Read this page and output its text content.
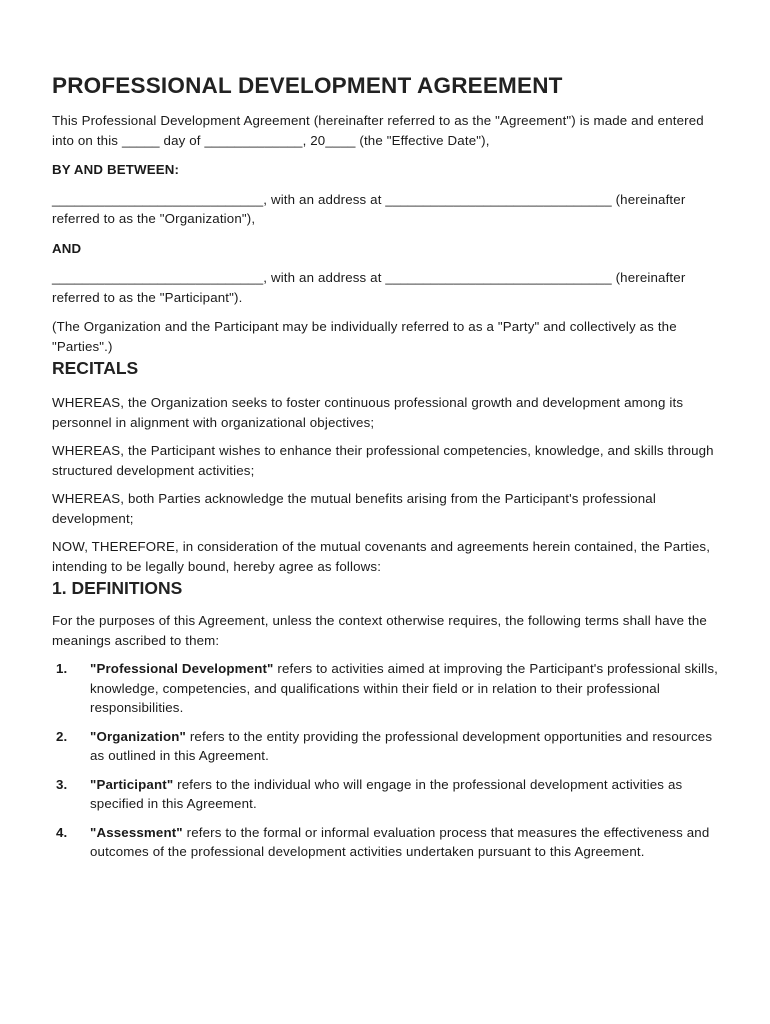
PROFESSIONAL DEVELOPMENT AGREEMENT

This Professional Development Agreement (hereinafter referred to as the "Agreement") is made and entered into on this _____ day of _____________, 20____ (the "Effective Date"),

BY AND BETWEEN:

____________________________, with an address at ______________________________ (hereinafter referred to as the "Organization"),

AND

____________________________, with an address at ______________________________ (hereinafter referred to as the "Participant").

(The Organization and the Participant may be individually referred to as a "Party" and collectively as the "Parties".)

RECITALS

WHEREAS, the Organization seeks to foster continuous professional growth and development among its personnel in alignment with organizational objectives;

WHEREAS, the Participant wishes to enhance their professional competencies, knowledge, and skills through structured development activities;

WHEREAS, both Parties acknowledge the mutual benefits arising from the Participant's professional development;

NOW, THEREFORE, in consideration of the mutual covenants and agreements herein contained, the Parties, intending to be legally bound, hereby agree as follows:

1. DEFINITIONS

For the purposes of this Agreement, unless the context otherwise requires, the following terms shall have the meanings ascribed to them:

1.	"Professional Development" refers to activities aimed at improving the Participant's professional skills, knowledge, competencies, and qualifications within their field or in relation to their professional responsibilities.
2.	"Organization" refers to the entity providing the professional development opportunities and resources as outlined in this Agreement.
3.	"Participant" refers to the individual who will engage in the professional development activities as specified in this Agreement.
4.	"Assessment" refers to the formal or informal evaluation process that measures the effectiveness and outcomes of the professional development activities undertaken pursuant to this Agreement.
